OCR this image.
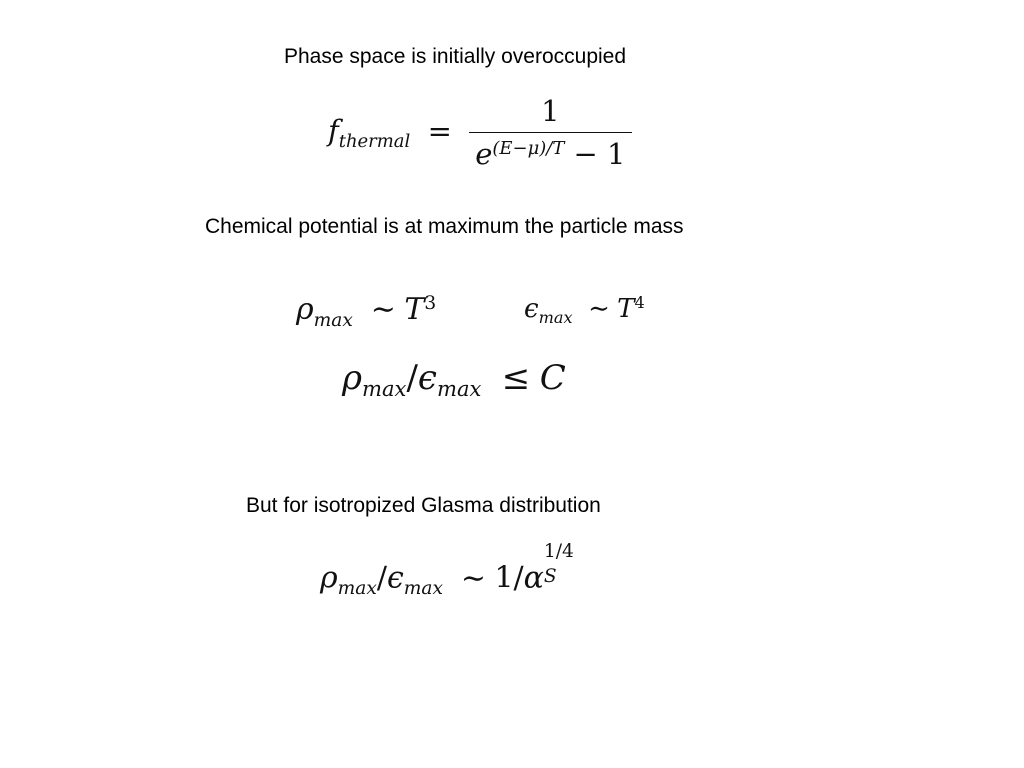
Phase space is initially overoccupied
$f_{thermal} = \frac{1}{e^{(E-\mu)/T} - 1}$
Chemical potential is at maximum the particle mass
$\rho_{max}$ ∼ $T^3$	$\epsilon_{max}$ ∼ $T^4$
$\rho_{max}/\epsilon_{max} \le C$
But for isotropized Glasma distribution
$\rho_{max}/\epsilon_{max}$ ∼ 1/α
1/4
S
